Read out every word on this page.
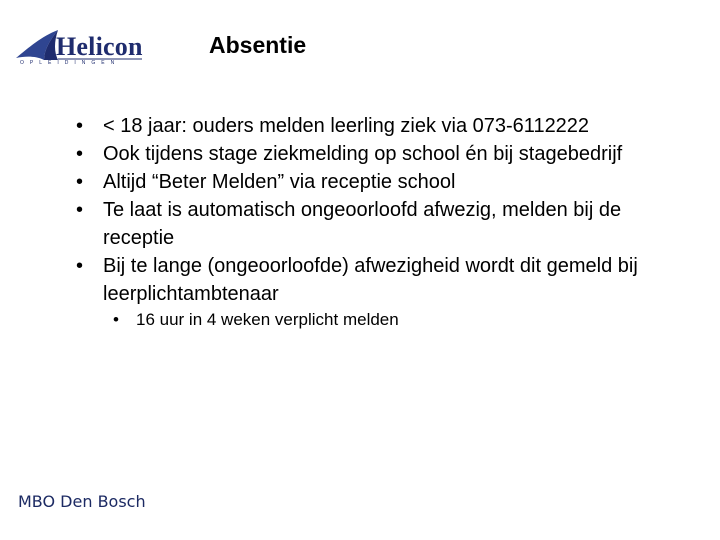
Helicon
OPLEIDINGEN
Absentie
• < 18 jaar: ouders melden leerling ziek via 073-6112222
• Ook tijdens stage ziekmelding op school én bij stagebedrijf
• Altijd “Beter Melden” via receptie school
• Te laat is automatisch ongeoorloofd afwezig, melden bij de receptie
• Bij te lange (ongeoorloofde) afwezigheid wordt dit gemeld bij leerplichtambtenaar
• 16 uur in 4 weken verplicht melden
MBO Den Bosch
